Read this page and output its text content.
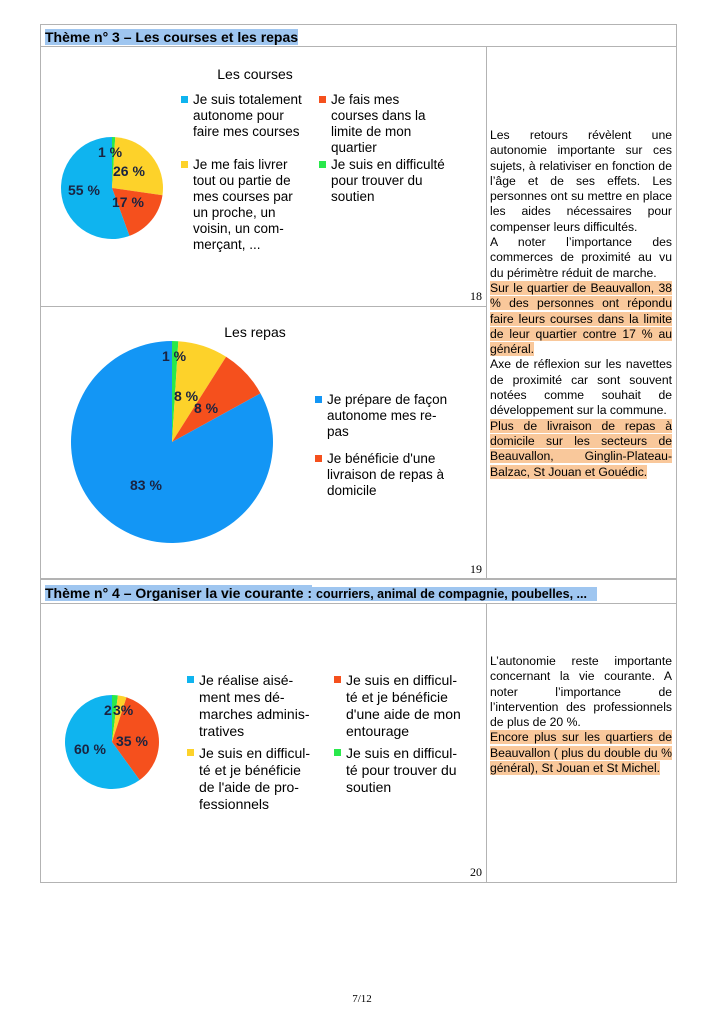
Thème n° 3 – Les courses et les repas
Les courses
1 %
26 %
55 %
17 %
Je suis totalement
autonome pour
faire mes courses
Je fais mes
courses dans la
limite de mon
quartier
Je me fais livrer
tout ou partie de
mes courses par
un proche, un
voisin, un com-
merçant, ...
Je suis en difficulté
pour trouver du
soutien
18
Les repas
1 %
8 %
8 %
83 %
Je prépare de façon
autonome mes re-
pas
Je bénéficie d'une
livraison de repas à
domicile
19

Les retours révèlent une autonomie importante sur ces sujets, à relativiser en fonction de l’âge et de ses effets. Les personnes ont su mettre en place les aides nécessaires pour compenser leurs difficultés.

A noter l’importance des commerces de proximité au vu du périmètre réduit de marche.

Sur le quartier de Beauvallon, 38 % des personnes ont répondu faire leurs courses dans la limite de leur quartier contre 17 % au général.

Axe de réflexion sur les navettes de proximité car sont souvent notées comme souhait de développement sur la commune.

Plus de livraison de repas à domicile sur les secteurs de Beauvallon, Ginglin-Plateau-Balzac, St Jouan et Gouédic.

Thème n° 4 – Organiser la vie courante : courriers, animal de compagnie, poubelles, ...
2 3%
35 %
60 %
Je réalise aisé-
ment mes dé-
marches adminis-
tratives
Je suis en difficul-
té et je bénéficie
d'une aide de mon
entourage
Je suis en difficul-
té et je bénéficie
de l'aide de pro-
fessionnels
Je suis en difficul-
té pour trouver du
soutien
20

L’autonomie reste importante concernant la vie courante. A noter l’importance de l’intervention des professionnels de plus de 20 %.

Encore plus sur les quartiers de Beauvallon ( plus du double du % général), St Jouan et St Michel.

7/12
